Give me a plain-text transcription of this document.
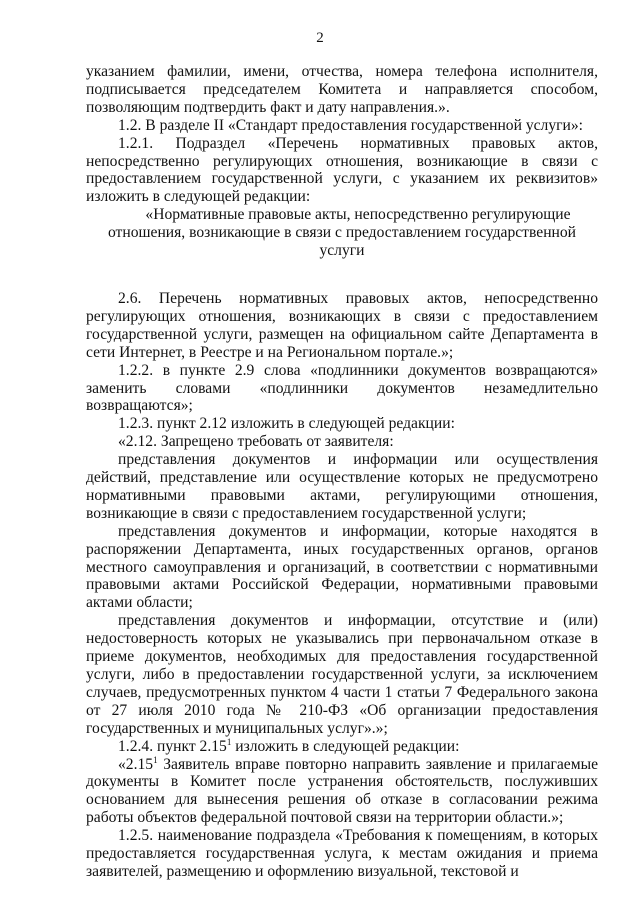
2

указанием фамилии, имени, отчества, номера телефона исполнителя, подписывается председателем Комитета и направляется способом, позволяющим подтвердить факт и дату направления.».

1.2. В разделе II «Стандарт предоставления государственной услуги»:

1.2.1. Подраздел «Перечень нормативных правовых актов, непосредственно регулирующих отношения, возникающие в связи с предоставлением государственной услуги, с указанием их реквизитов» изложить в следующей редакции:

«Нормативные правовые акты, непосредственно регулирующие отношения, возникающие в связи с предоставлением государственной услуги

2.6. Перечень нормативных правовых актов, непосредственно регулирующих отношения, возникающих в связи с предоставлением государственной услуги, размещен на официальном сайте Департамента в сети Интернет, в Реестре и на Региональном портале.»;

1.2.2. в пункте 2.9 слова «подлинники документов возвращаются» заменить словами «подлинники документов незамедлительно возвращаются»;

1.2.3. пункт 2.12 изложить в следующей редакции:

«2.12. Запрещено требовать от заявителя:

представления документов и информации или осуществления действий, представление или осуществление которых не предусмотрено нормативными правовыми актами, регулирующими отношения, возникающие в связи с предоставлением государственной услуги;

представления документов и информации, которые находятся в распоряжении Департамента, иных государственных органов, органов местного самоуправления и организаций, в соответствии с нормативными правовыми актами Российской Федерации, нормативными правовыми актами области;

представления документов и информации, отсутствие и (или) недостоверность которых не указывались при первоначальном отказе в приеме документов, необходимых для предоставления государственной услуги, либо в предоставлении государственной услуги, за исключением случаев, предусмотренных пунктом 4 части 1 статьи 7 Федерального закона от 27 июля 2010 года № 210-ФЗ «Об организации предоставления государственных и муниципальных услуг».»;

1.2.4. пункт 2.15$^1$ изложить в следующей редакции:

«2.15$^1$ Заявитель вправе повторно направить заявление и прилагаемые документы в Комитет после устранения обстоятельств, послуживших основанием для вынесения решения об отказе в согласовании режима работы объектов федеральной почтовой связи на территории области.»;

1.2.5. наименование подраздела «Требования к помещениям, в которых предоставляется государственная услуга, к местам ожидания и приема заявителей, размещению и оформлению визуальной, текстовой и
